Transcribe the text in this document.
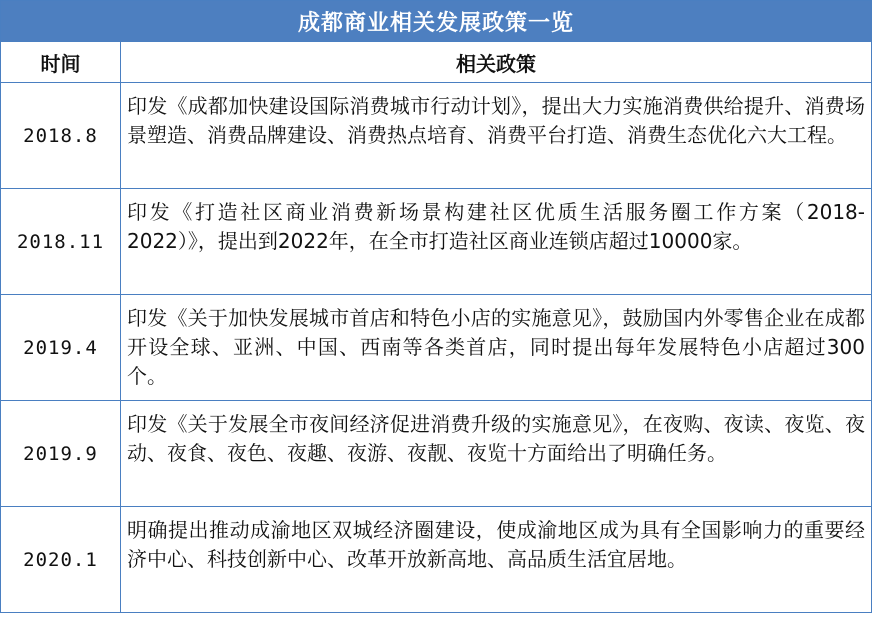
成都商业相关发展政策一览	
时间	相关政策
2018.8	印发《成都加快建设国际消费城市行动计划》，提出大力实施消费供给提升、消费场景塑造、消费品牌建设、消费热点培育、消费平台打造、消费生态优化六大工程。
2018.11	印发《打造社区商业消费新场景构建社区优质生活服务圈工作方案（2018-2022）》，提出到2022年，在全市打造社区商业连锁店超过10000家。
2019.4	印发《关于加快发展城市首店和特色小店的实施意见》，鼓励国内外零售企业在成都开设全球、亚洲、中国、西南等各类首店，同时提出每年发展特色小店超过300个。
2019.9	印发《关于发展全市夜间经济促进消费升级的实施意见》，在夜购、夜读、夜览、夜动、夜食、夜色、夜趣、夜游、夜靓、夜览十方面给出了明确任务。
2020.1	明确提出推动成渝地区双城经济圈建设，使成渝地区成为具有全国影响力的重要经济中心、科技创新中心、改革开放新高地、高品质生活宜居地。
